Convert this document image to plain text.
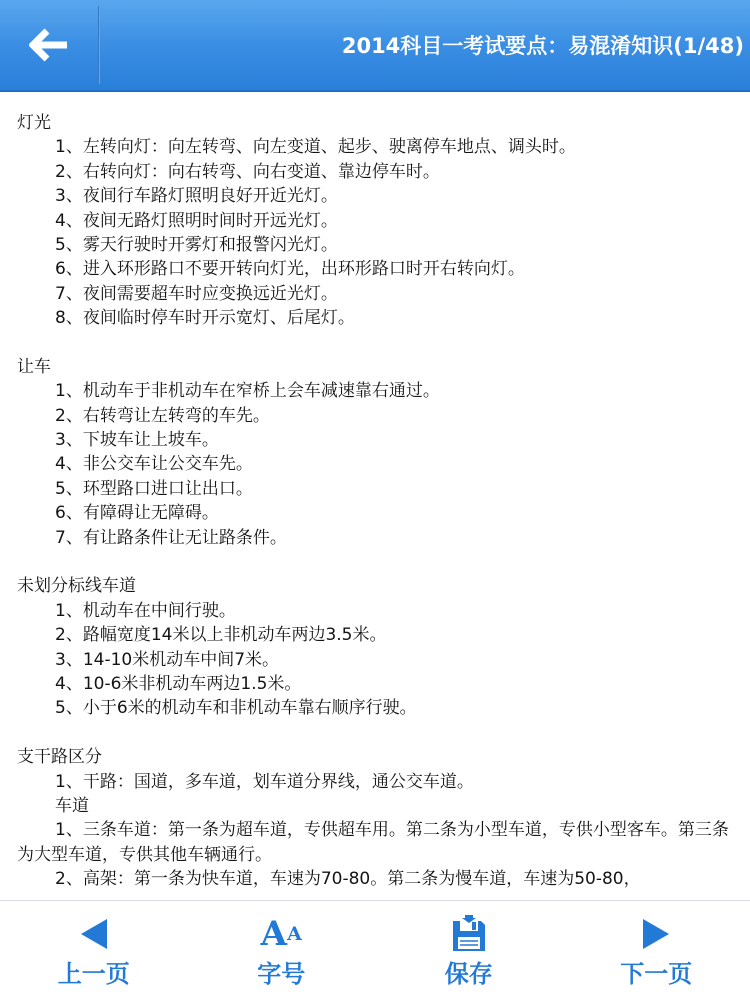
2014科目一考试要点：易混淆知识(1/48)
灯光
1、左转向灯：向左转弯、向左变道、起步、驶离停车地点、调头时。
2、右转向灯：向右转弯、向右变道、靠边停车时。
3、夜间行车路灯照明良好开近光灯。
4、夜间无路灯照明时间时开远光灯。
5、雾天行驶时开雾灯和报警闪光灯。
6、进入环形路口不要开转向灯光，出环形路口时开右转向灯。
7、夜间需要超车时应变换远近光灯。
8、夜间临时停车时开示宽灯、后尾灯。
让车
1、机动车于非机动车在窄桥上会车减速靠右通过。
2、右转弯让左转弯的车先。
3、下坡车让上坡车。
4、非公交车让公交车先。
5、环型路口进口让出口。
6、有障碍让无障碍。
7、有让路条件让无让路条件。
未划分标线车道
1、机动车在中间行驶。
2、路幅宽度14米以上非机动车两边3.5米。
3、14-10米机动车中间7米。
4、10-6米非机动车两边1.5米。
5、小于6米的机动车和非机动车靠右顺序行驶。
支干路区分
1、干路：国道，多车道，划车道分界线，通公交车道。
车道
1、三条车道：第一条为超车道，专供超车用。第二条为小型车道，专供小型客车。第三条为大型车道，专供其他车辆通行。
2、高架：第一条为快车道，车速为70-80。第二条为慢车道，车速为50-80，
上一页
A A
字号	保存	下一页
